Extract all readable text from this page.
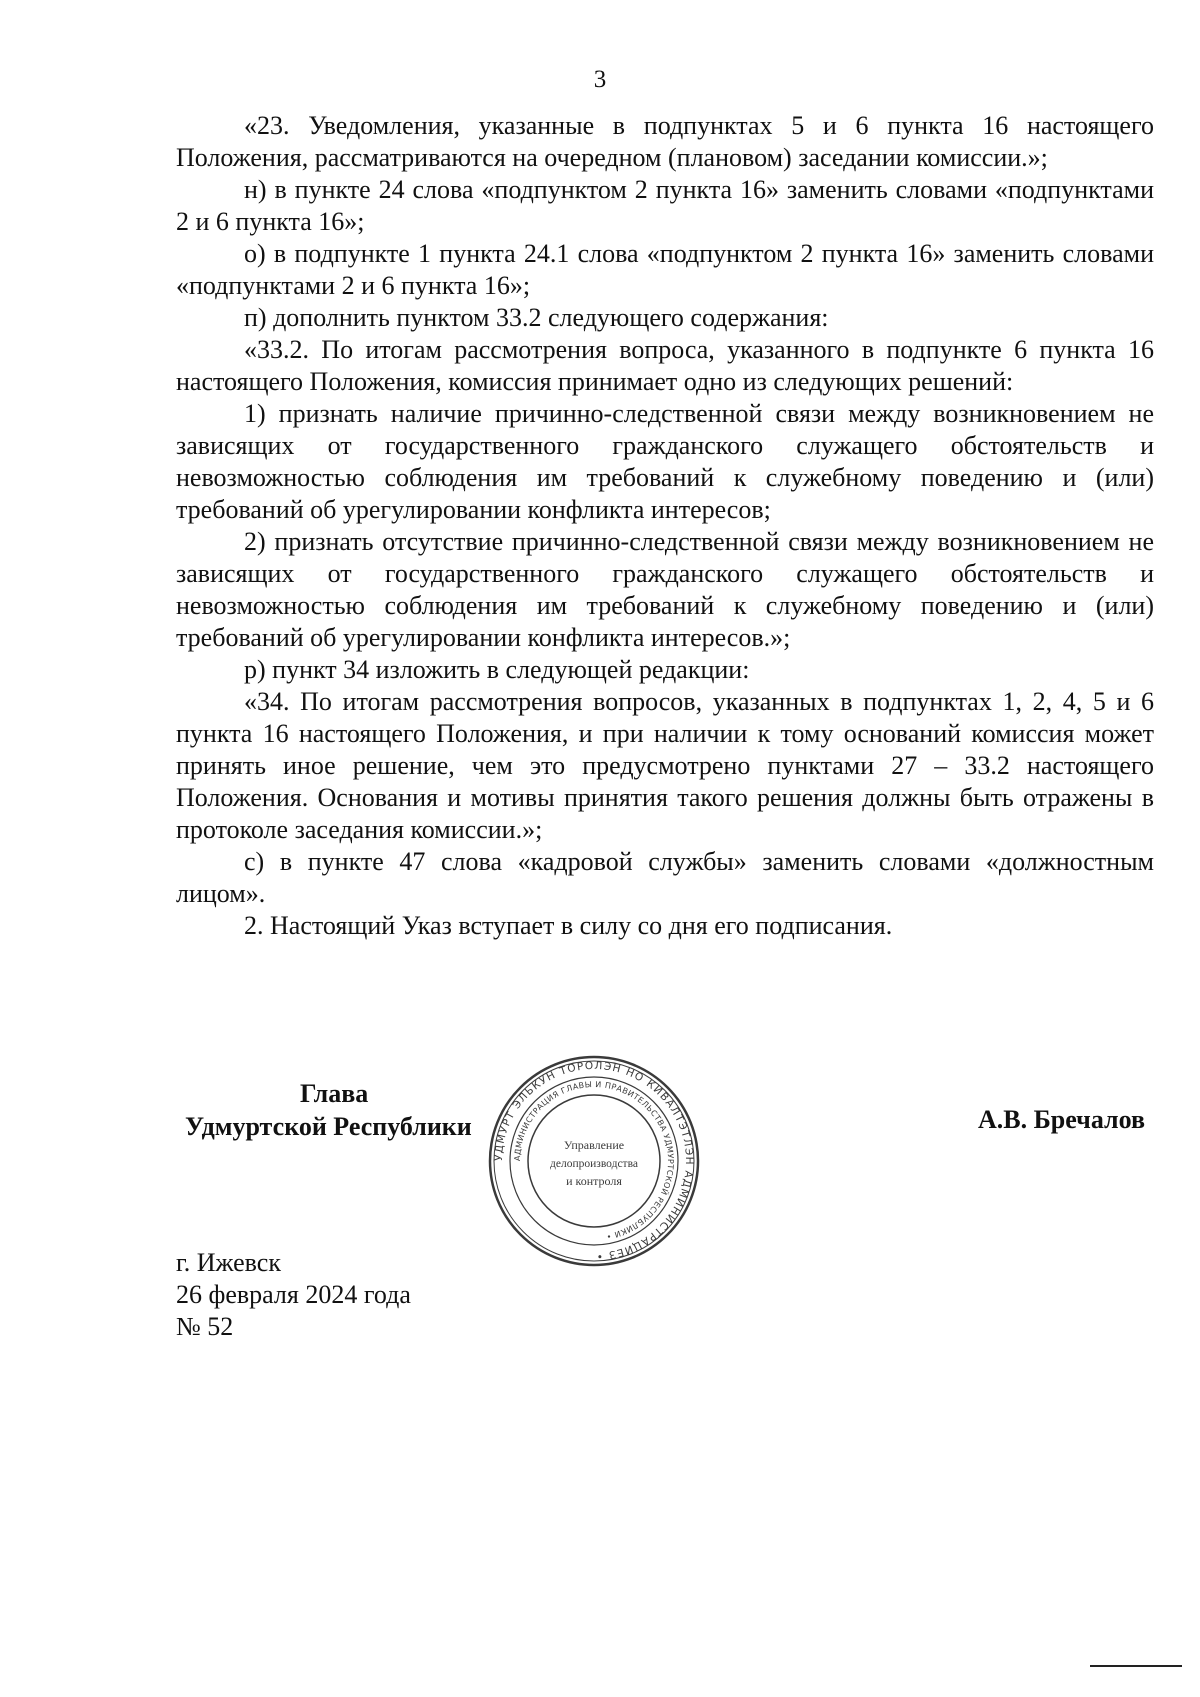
3

«23. Уведомления, указанные в подпунктах 5 и 6 пункта 16 настоящего Положения, рассматриваются на очередном (плановом) заседании комиссии.»;

н) в пункте 24 слова «подпунктом 2 пункта 16» заменить словами «подпунктами 2 и 6 пункта 16»;

о) в подпункте 1 пункта 24.1 слова «подпунктом 2 пункта 16» заменить словами «подпунктами 2 и 6 пункта 16»;

п) дополнить пунктом 33.2 следующего содержания:

«33.2. По итогам рассмотрения вопроса, указанного в подпункте 6 пункта 16 настоящего Положения, комиссия принимает одно из следующих решений:

1) признать наличие причинно-следственной связи между возникновением не зависящих от государственного гражданского служащего обстоятельств и невозможностью соблюдения им требований к служебному поведению и (или) требований об урегулировании конфликта интересов;

2) признать отсутствие причинно-следственной связи между возникновением не зависящих от государственного гражданского служащего обстоятельств и невозможностью соблюдения им требований к служебному поведению и (или) требований об урегулировании конфликта интересов.»;

р) пункт 34 изложить в следующей редакции:

«34. По итогам рассмотрения вопросов, указанных в подпунктах 1, 2, 4, 5 и 6 пункта 16 настоящего Положения, и при наличии к тому оснований комиссия может принять иное решение, чем это предусмотрено пунктами 27 – 33.2 настоящего Положения. Основания и мотивы принятия такого решения должны быть отражены в протоколе заседания комиссии.»;

с) в пункте 47 слова «кадровой службы» заменить словами «должностным лицом».

2. Настоящий Указ вступает в силу со дня его подписания.

Глава
Удмуртской Республики	А.В. Бречалов
УДМУРТ ЭЛЬКУН ТОРОЛЭН НО КИВАЛТЭТЛЭН АДМИНИСТРАЦИЕЗ •
АДМИНИСТРАЦИЯ ГЛАВЫ И ПРАВИТЕЛЬСТВА УДМУРТСКОЙ РЕСПУБЛИКИ •
Управление
делопроизводства
и контроля
г. Ижевск
26 февраля 2024 года
№ 52
